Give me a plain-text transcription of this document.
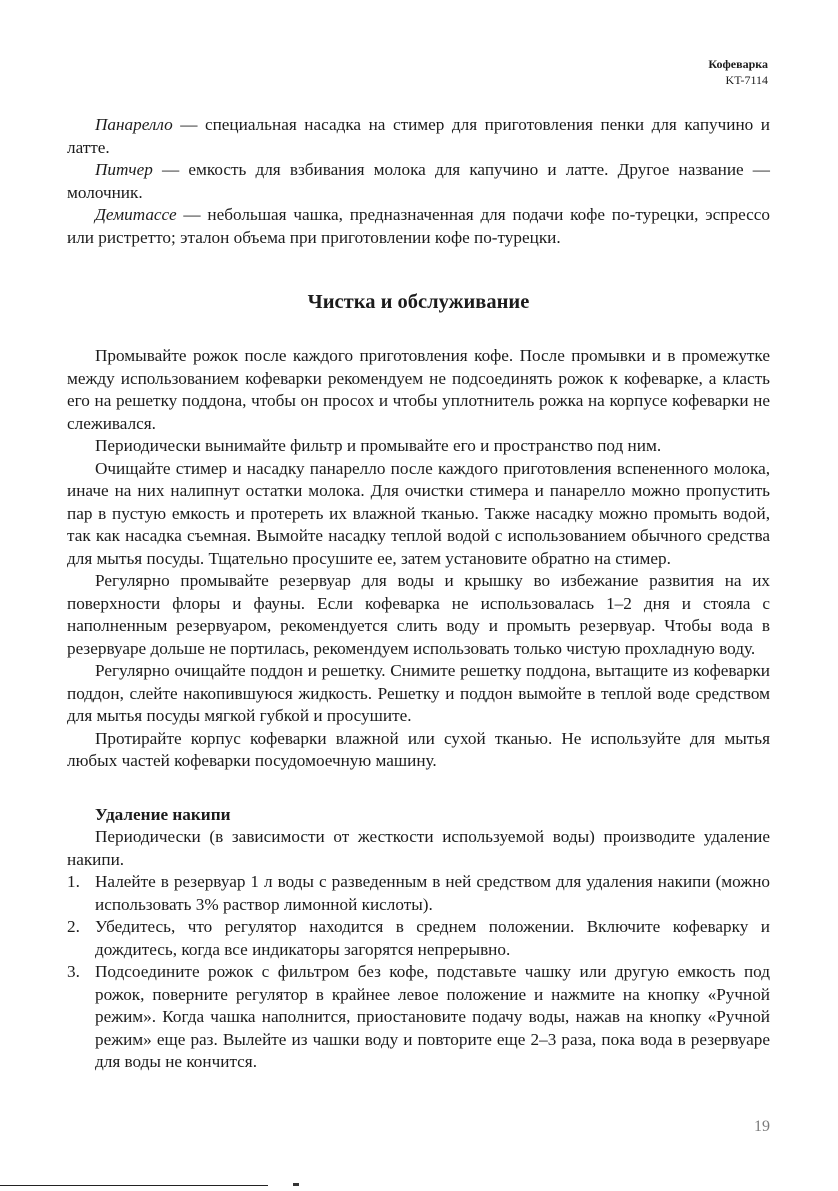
Кофеварка
KT-7114

Панарелло — специальная насадка на стимер для приготовления пенки для капучино и латте.

Питчер — емкость для взбивания молока для капучино и латте. Другое название — молочник.

Демитассе — небольшая чашка, предназначенная для подачи кофе по-турецки, эспрессо или ристретто; эталон объема при приготовлении кофе по-турецки.

Чистка и обслуживание

Промывайте рожок после каждого приготовления кофе. После промывки и в промежутке между использованием кофеварки рекомендуем не подсоединять рожок к кофеварке, а класть его на решетку поддона, чтобы он просох и чтобы уплотнитель рожка на корпусе кофеварки не слеживался.

Периодически вынимайте фильтр и промывайте его и пространство под ним.

Очищайте стимер и насадку панарелло после каждого приготовления вспененного молока, иначе на них налипнут остатки молока. Для очистки стимера и панарелло можно пропустить пар в пустую емкость и протереть их влажной тканью. Также насадку можно промыть водой, так как насадка съемная. Вымойте насадку теплой водой с использованием обычного средства для мытья посуды. Тщательно просушите ее, затем установите обратно на стимер.

Регулярно промывайте резервуар для воды и крышку во избежание развития на их поверхности флоры и фауны. Если кофеварка не использовалась 1–2 дня и стояла с наполненным резервуаром, рекомендуется слить воду и промыть резервуар. Чтобы вода в резервуаре дольше не портилась, рекомендуем использовать только чистую прохладную воду.

Регулярно очищайте поддон и решетку. Снимите решетку поддона, вытащите из кофеварки поддон, слейте накопившуюся жидкость. Решетку и поддон вымойте в теплой воде средством для мытья посуды мягкой губкой и просушите.

Протирайте корпус кофеварки влажной или сухой тканью. Не используйте для мытья любых частей кофеварки посудомоечную машину.

Удаление накипи

Периодически (в зависимости от жесткости используемой воды) производите удаление накипи.

1. Налейте в резервуар 1 л воды с разведенным в ней средством для удаления накипи (можно использовать 3% раствор лимонной кислоты).
2. Убедитесь, что регулятор находится в среднем положении. Включите кофеварку и дождитесь, когда все индикаторы загорятся непрерывно.
3. Подсоедините рожок с фильтром без кофе, подставьте чашку или другую емкость под рожок, поверните регулятор в крайнее левое положение и нажмите на кнопку «Ручной режим». Когда чашка наполнится, приостановите подачу воды, нажав на кнопку «Ручной режим» еще раз. Вылейте из чашки воду и повторите еще 2–3 раза, пока вода в резервуаре для воды не кончится.
19
